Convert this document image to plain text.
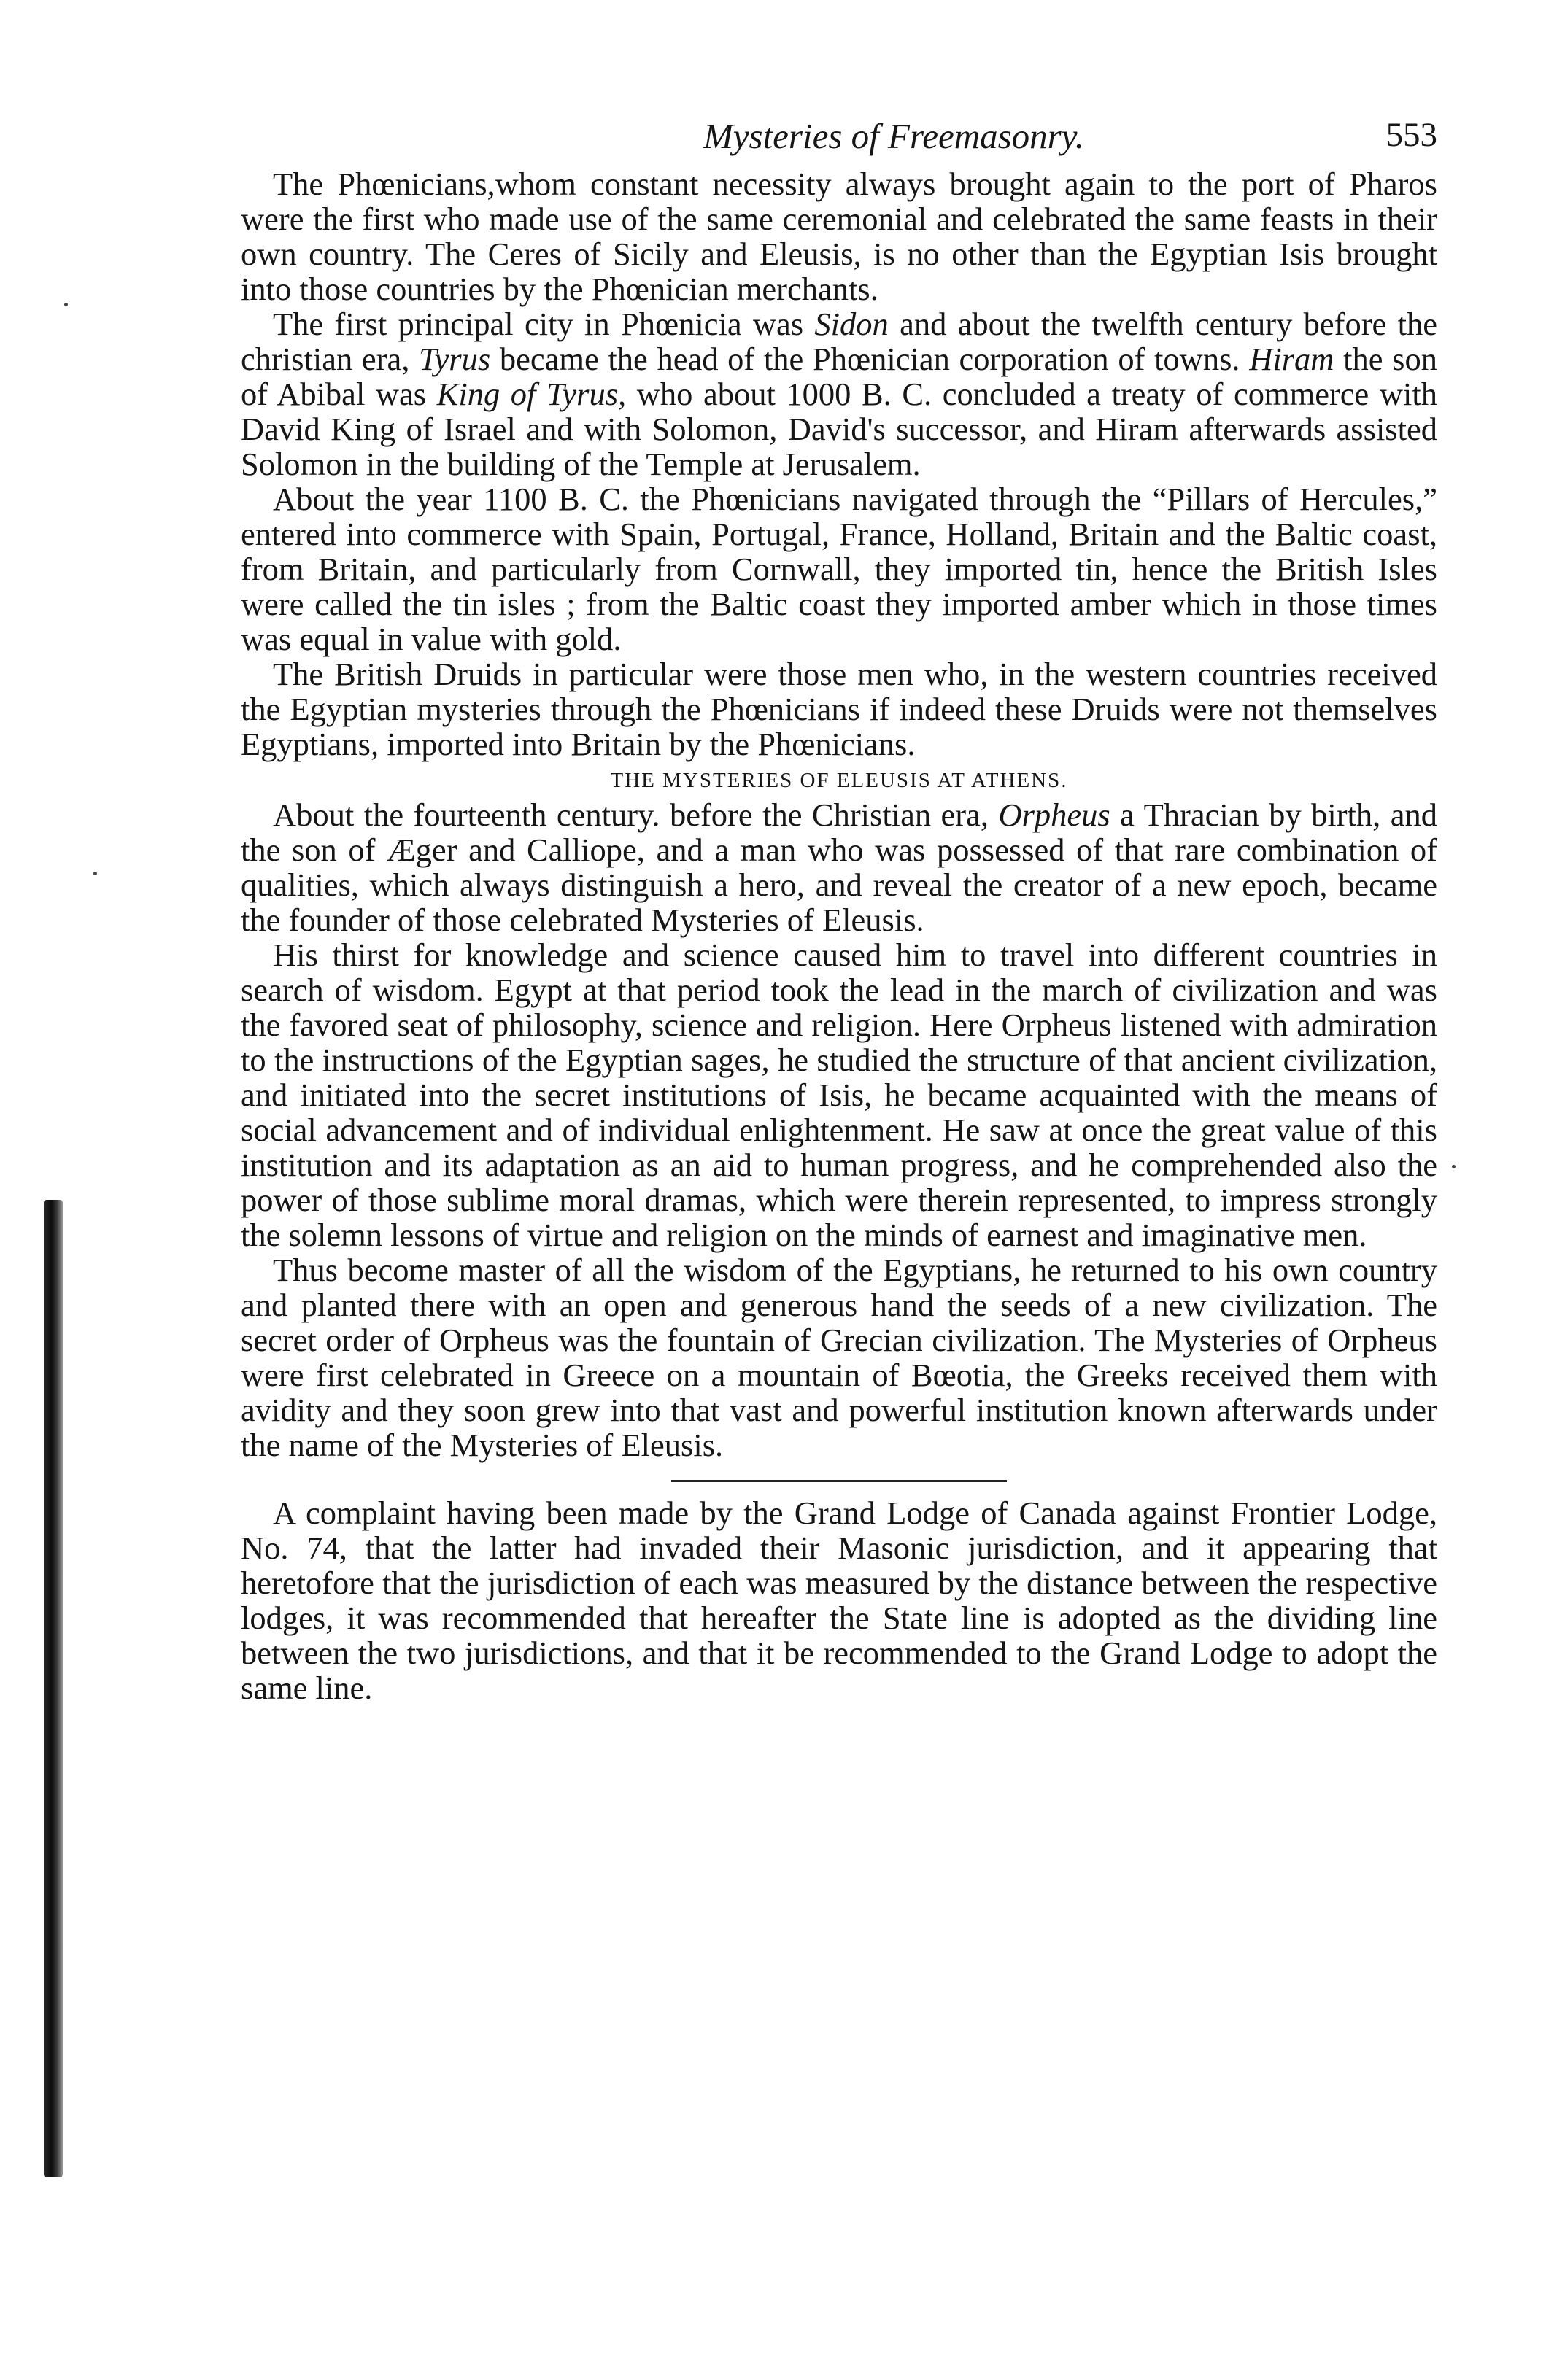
Mysteries of Freemasonry.	553

The Phœnicians,whom constant necessity always brought again to the port of Pharos were the first who made use of the same ceremonial and celebrated the same feasts in their own country. The Ceres of Sicily and Eleusis, is no other than the Egyptian Isis brought into those countries by the Phœnician merchants.

The first principal city in Phœnicia was Sidon and about the twelfth century before the christian era, Tyrus became the head of the Phœnician corporation of towns. Hiram the son of Abibal was King of Tyrus, who about 1000 B. C. concluded a treaty of commerce with David King of Israel and with Solomon, David's successor, and Hiram afterwards assisted Solomon in the building of the Temple at Jerusalem.

About the year 1100 B. C. the Phœnicians navigated through the “Pillars of Hercules,” entered into commerce with Spain, Portugal, France, Holland, Britain and the Baltic coast, from Britain, and particularly from Cornwall, they imported tin, hence the British Isles were called the tin isles ; from the Baltic coast they imported amber which in those times was equal in value with gold.

The British Druids in particular were those men who, in the western countries received the Egyptian mysteries through the Phœnicians if indeed these Druids were not themselves Egyptians, imported into Britain by the Phœnicians.

THE MYSTERIES OF ELEUSIS AT ATHENS.

About the fourteenth century. before the Christian era, Orpheus a Thracian by birth, and the son of Æger and Calliope, and a man who was possessed of that rare combination of qualities, which always distinguish a hero, and reveal the creator of a new epoch, became the founder of those celebrated Mysteries of Eleusis.

His thirst for knowledge and science caused him to travel into different countries in search of wisdom. Egypt at that period took the lead in the march of civilization and was the favored seat of philosophy, science and religion. Here Orpheus listened with admiration to the instructions of the Egyptian sages, he studied the structure of that ancient civilization, and initiated into the secret institutions of Isis, he became acquainted with the means of social advancement and of individual enlightenment. He saw at once the great value of this institution and its adaptation as an aid to human progress, and he comprehended also the power of those sublime moral dramas, which were therein represented, to impress strongly the solemn lessons of virtue and religion on the minds of earnest and imaginative men.

Thus become master of all the wisdom of the Egyptians, he returned to his own country and planted there with an open and generous hand the seeds of a new civilization. The secret order of Orpheus was the fountain of Grecian civilization. The Mysteries of Orpheus were first celebrated in Greece on a mountain of Bœotia, the Greeks received them with avidity and they soon grew into that vast and powerful institution known afterwards under the name of the Mysteries of Eleusis.

A complaint having been made by the Grand Lodge of Canada against Frontier Lodge, No. 74, that the latter had invaded their Masonic jurisdiction, and it appearing that heretofore that the jurisdiction of each was measured by the distance between the respective lodges, it was recommended that hereafter the State line is adopted as the dividing line between the two jurisdictions, and that it be recommended to the Grand Lodge to adopt the same line.
